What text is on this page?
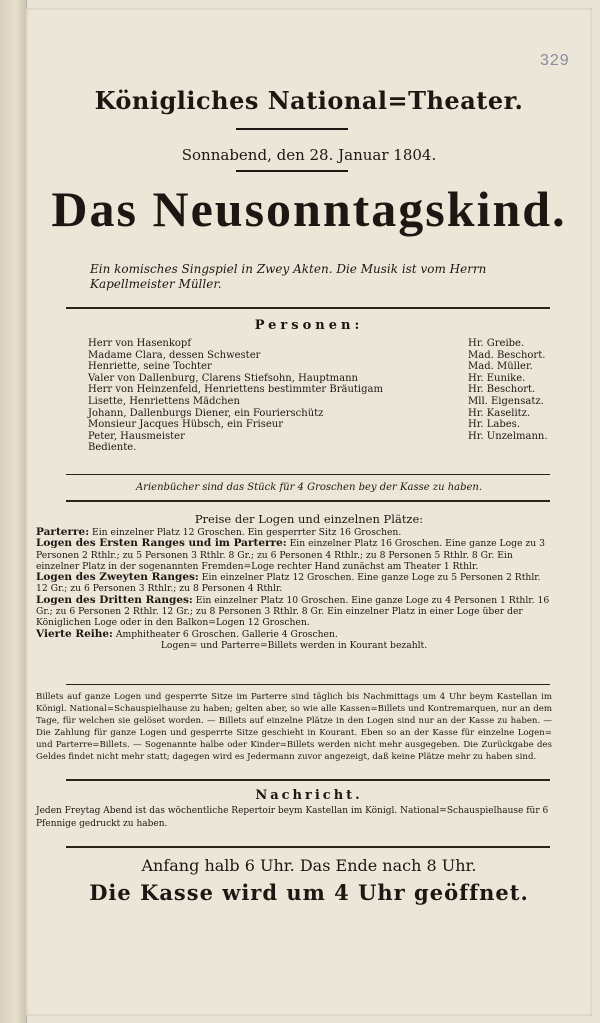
329
Königliches National=Theater.
Sonnabend, den 28. Januar 1804.
Das Neusonntagskind.
Ein komisches Singspiel in Zwey Akten. Die Musik ist vom Herrn Kapellmeister Müller.
Personen:
Herr von Hasenkopf	Hr. Greibe.
Madame Clara, dessen Schwester	Mad. Beschort.
Henriette, seine Tochter	Mad. Müller.
Valer von Dallenburg, Clarens Stiefsohn, Hauptmann	Hr. Eunike.
Herr von Heinzenfeld, Henriettens bestimmter Bräutigam	Hr. Beschort.
Lisette, Henriettens Mädchen	Mll. Eigensatz.
Johann, Dallenburgs Diener, ein Fourierschütz	Hr. Kaselitz.
Monsieur Jacques Hübsch, ein Friseur	Hr. Labes.
Peter, Hausmeister	Hr. Unzelmann.
Bediente.
Arienbücher sind das Stück für 4 Groschen bey der Kasse zu haben.
Preise der Logen und einzelnen Plätze:

Parterre: Ein einzelner Platz 12 Groschen. Ein gesperrter Sitz 16 Groschen.

Logen des Ersten Ranges und im Parterre: Ein einzelner Platz 16 Groschen. Eine ganze Loge zu 3 Personen 2 Rthlr.; zu 5 Personen 3 Rthlr. 8 Gr.; zu 6 Personen 4 Rthlr.; zu 8 Personen 5 Rthlr. 8 Gr. Ein einzelner Platz in der sogenannten Fremden=Loge rechter Hand zunächst am Theater 1 Rthlr.

Logen des Zweyten Ranges: Ein einzelner Platz 12 Groschen. Eine ganze Loge zu 5 Personen 2 Rthlr. 12 Gr.; zu 6 Personen 3 Rthlr.; zu 8 Personen 4 Rthlr.

Logen des Dritten Ranges: Ein einzelner Platz 10 Groschen. Eine ganze Loge zu 4 Personen 1 Rthlr. 16 Gr.; zu 6 Personen 2 Rthlr. 12 Gr.; zu 8 Personen 3 Rthlr. 8 Gr. Ein einzelner Platz in einer Loge über der Königlichen Loge oder in den Balkon=Logen 12 Groschen.

Vierte Reihe: Amphitheater 6 Groschen. Gallerie 4 Groschen.

Logen= und Parterre=Billets werden in Kourant bezahlt.

Billets auf ganze Logen und gesperrte Sitze im Parterre sind täglich bis Nachmittags um 4 Uhr beym Kastellan im Königl. National=Schauspielhause zu haben; gelten aber, so wie alle Kassen=Billets und Kontremarquen, nur an dem Tage, für welchen sie gelöset worden. — Billets auf einzelne Plätze in den Logen sind nur an der Kasse zu haben. — Die Zahlung für ganze Logen und gesperrte Sitze geschieht in Kourant. Eben so an der Kasse für einzelne Logen= und Parterre=Billets. — Sogenannte halbe oder Kinder=Billets werden nicht mehr ausgegeben. Die Zurückgabe des Geldes findet nicht mehr statt; dagegen wird es Jedermann zuvor angezeigt, daß keine Plätze mehr zu haben sind.
Nachricht.
Jeden Freytag Abend ist das wöchentliche Repertoir beym Kastellan im Königl. National=Schauspielhause für 6 Pfennige gedruckt zu haben.
Anfang halb 6 Uhr. Das Ende nach 8 Uhr.
Die Kasse wird um 4 Uhr geöffnet.
